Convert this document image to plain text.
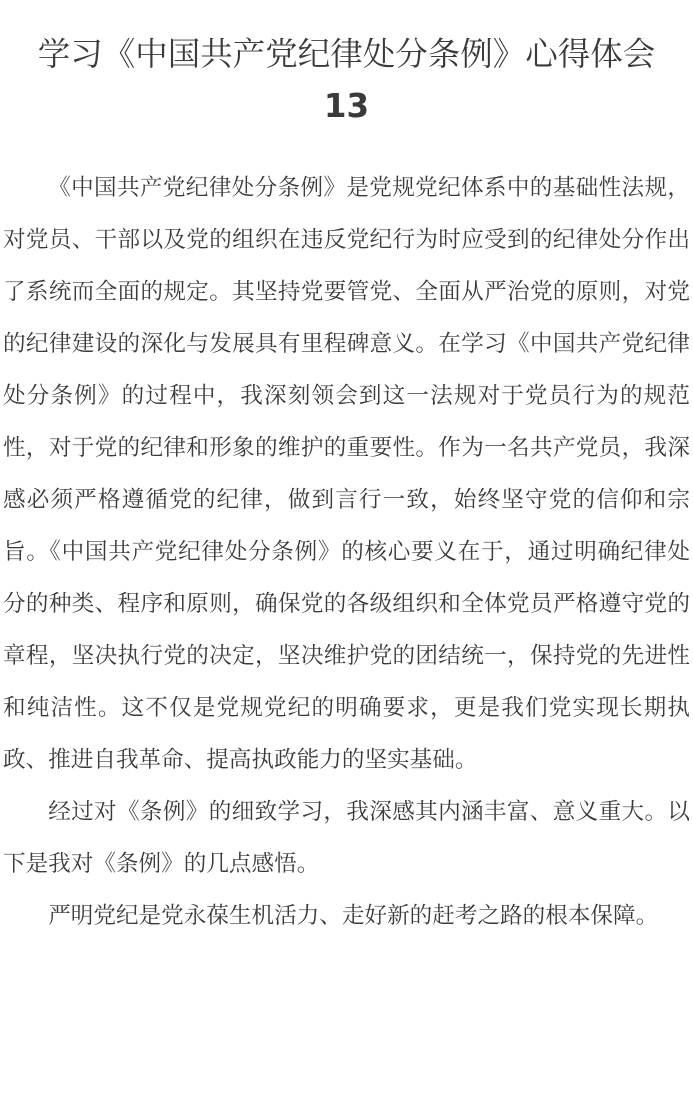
学习《中国共产党纪律处分条例》心得体会
13

《中国共产党纪律处分条例》是党规党纪体系中的基础性法规，对党员、干部以及党的组织在违反党纪行为时应受到的纪律处分作出了系统而全面的规定。其坚持党要管党、全面从严治党的原则，对党的纪律建设的深化与发展具有里程碑意义。在学习《中国共产党纪律处分条例》的过程中，我深刻领会到这一法规对于党员行为的规范性，对于党的纪律和形象的维护的重要性。作为一名共产党员，我深感必须严格遵循党的纪律，做到言行一致，始终坚守党的信仰和宗旨。《中国共产党纪律处分条例》的核心要义在于，通过明确纪律处分的种类、程序和原则，确保党的各级组织和全体党员严格遵守党的章程，坚决执行党的决定，坚决维护党的团结统一，保持党的先进性和纯洁性。这不仅是党规党纪的明确要求，更是我们党实现长期执政、推进自我革命、提高执政能力的坚实基础。

经过对《条例》的细致学习，我深感其内涵丰富、意义重大。以下是我对《条例》的几点感悟。

严明党纪是党永葆生机活力、走好新的赶考之路的根本保障。
